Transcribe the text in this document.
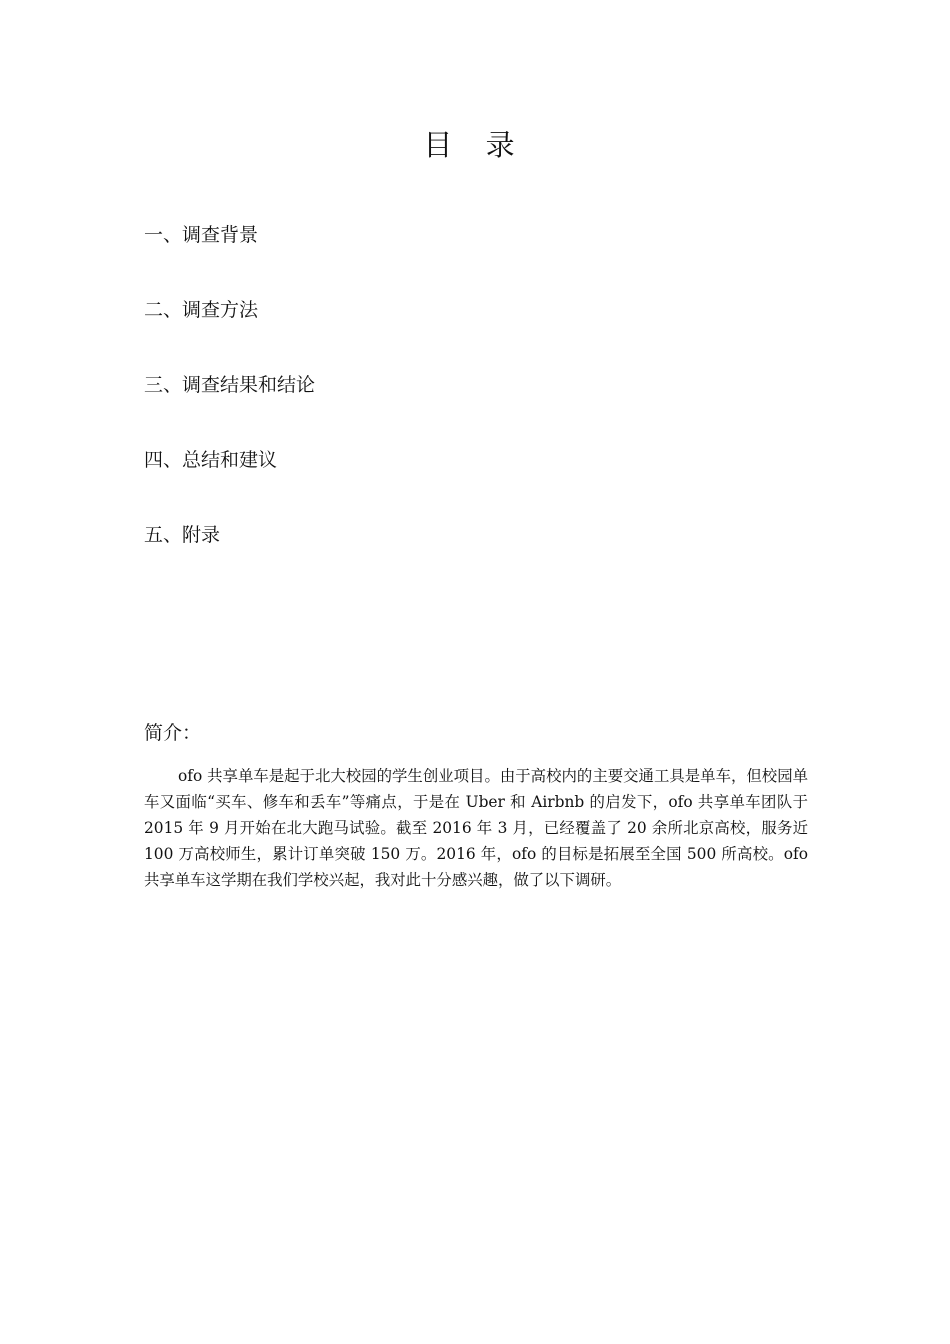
目 录
一、调查背景
二、调查方法
三、调查结果和结论
四、总结和建议
五、附录
简介：

ofo 共享单车是起于北大校园的学生创业项目。由于高校内的主要交通工具是单车，但校园单车又面临“买车、修车和丢车”等痛点，于是在 Uber 和 Airbnb 的启发下，ofo 共享单车团队于 2015 年 9 月开始在北大跑马试验。截至 2016 年 3 月，已经覆盖了 20 余所北京高校，服务近 100 万高校师生，累计订单突破 150 万。2016 年，ofo 的目标是拓展至全国 500 所高校。ofo 共享单车这学期在我们学校兴起，我对此十分感兴趣，做了以下调研。
